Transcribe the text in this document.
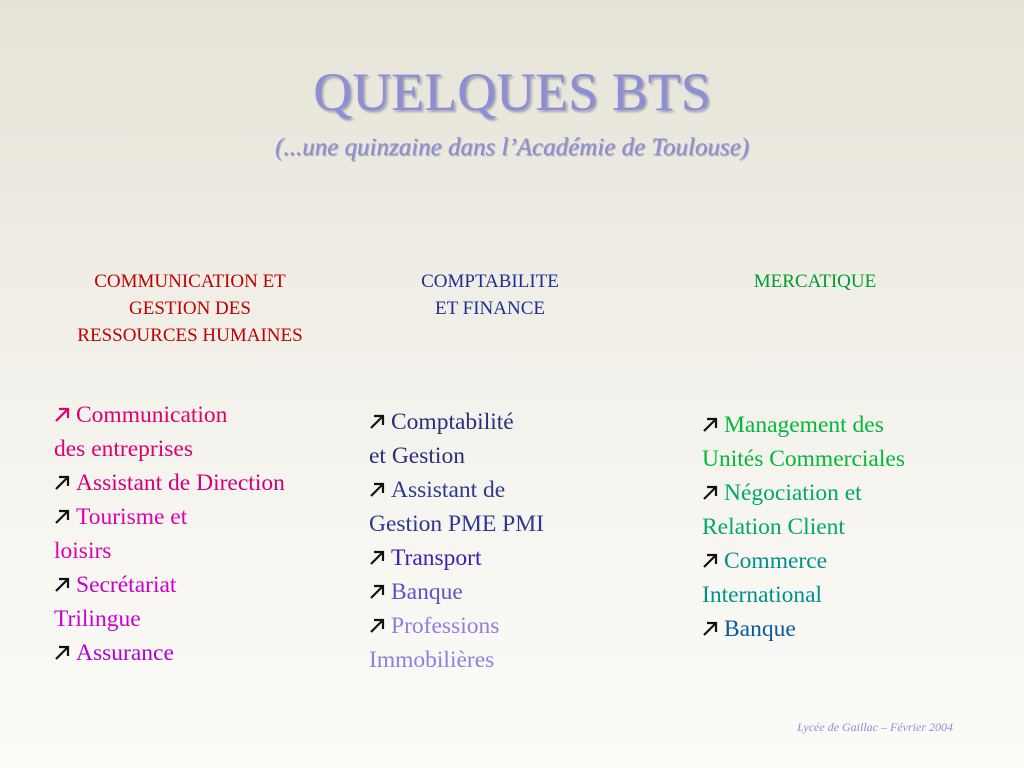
QUELQUES BTS
(...une quinzaine dans l’Académie de Toulouse)
COMMUNICATION ET
GESTION DES
RESSOURCES HUMAINES
COMPTABILITE
ET FINANCE
MERCATIQUE
Communication
des entreprises
Assistant de Direction
Tourisme et
loisirs
Secrétariat
Trilingue
Assurance
Comptabilité
et Gestion
Assistant de
Gestion PME PMI
Transport
Banque
Professions
Immobilières
Management des
Unités Commerciales
Négociation et
Relation Client
Commerce
International
Banque
Lycée de Gaillac – Février 2004
